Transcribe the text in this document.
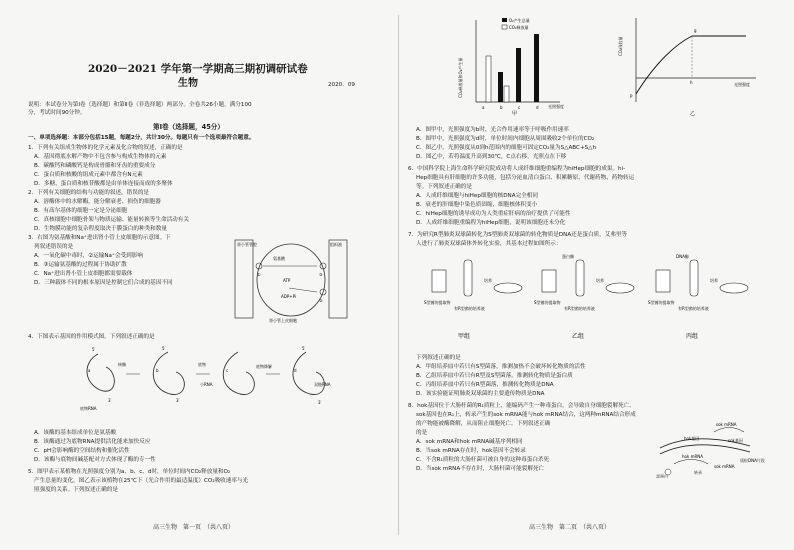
2020－2021 学年第一学期高三期初调研试卷
生物	2020．09
说明：本试卷分为第Ⅰ卷（选择题）和第Ⅱ卷（非选择题）两部分。全卷共26小题，满分100
分，考试时间90分钟。
第Ⅰ卷（选择题，45分）
一、单项选择题：本部分包括15题，每题2分，共计30分。每题只有一个选项最符合题意。
1．下列有关组成生物体的化学元素及化合物的叙述，正确的是
A．基因彻底水解产物中不包含参与构成生物体的元素
B．碳酸钙和磷酸钙是构成骨骼和牙齿的重要成分
C．蛋白质和核酸的组成元素中都含有N元素
D．多糖、蛋白质和核苷酸都是由单体连接而成的多聚体
2．下列有关细胞的结构与功能的叙述，错误的是
A．溶酶体中的水解酶，能分解衰老、损伤的细胞器
B．有高尔基体的细胞一定是分泌细胞
C．真核细胞中细胞骨架与物质运输、能量转换等生命活动有关
D．生物膜功能的复杂程度取决于膜蛋白的种类和数量
3．右图为氨基酸和Na⁺进出肾小管上皮细胞的示意图。下
列叙述错误的是
A．一氧化碳中毒时，②运输Na⁺会受到影响
B．③运输氨基酸的过程属于协助扩散
C．Na⁺进出肾小管上皮细胞都需要载体
D．三种载体不同的根本原因是控制它们合成的基因不同
肾小管管腔
肾小管上皮细胞
组织液
氨基酸
ATP
ADP+Pi
①
②
③
4．下图表示基因的作用模式图。下列叙述正确的是
5′
3′
5′
3′
5′
3′
a	b	c	d
底物RNA
底物降解
核酶	底物
双链RNA
小RNA
A．该酶的基本组成单位是氨基酸
B．该酶通过为底物RNA提供活化能来加快反应
C．pH会影响酶的空间结构和催化活性
D．该酶与底物间碱基配对方式体现了酶的专一性
5．图甲表示某植物在光照强度分别为a、b、c、d时，单位时间内CO₂释放量和O₂
产生总量的变化。图乙表示该植物在25℃下（光合作用的最适温度）CO₂吸收速率与光
照强度的关系。下列叙述正确的是
高三生物　第一页　（共八页）
CO₂释放量和O₂产生量
O₂产生总量
CO₂释放量
a	b	c	d 光照强度
甲
CO₂吸收量
光照强度
P
h
g
乙
A．图甲中，光照强度为b时，光合作用速率等于呼吸作用速率
B．图甲中，光照强度为d时，单位时间内细胞从周围吸收2个单位的CO₂
C．图乙中，光照强度从0到h范围内的细胞可固定CO₂量为S△ABC+S△h
D．图乙中，若将温度升高到30℃，C点右移，光照点在下移
6．中国科学院上海生命科学研究院成功将人成纤维细胞重编程为hiHep细胞的成果。hi-
Hep细胞具有肝细胞的许多功能，包括分泌血清白蛋白、积累糖原、代谢药物、药物转运
等。下列叙述正确的是
A．人成纤维细胞与hiHep细胞的核DNA完全相同
B．衰老的肝细胞中染色质固缩，细胞核体积变小
C．hiHep细胞的诱导成功为人类重症肝病的治疗提供了可能性
D．人成纤维细胞重编程为hiHep细胞，说明该细胞还未分化
7．为研究R型肺炎双球菌转化为S型肺炎双球菌的转化物质是DNA还是蛋白质，艾弗里等
人进行了肺炎双球菌体外转化实验，其基本过程如图所示：
S型菌的提取物
有R型菌的培养液
培养
甲组
蛋白酶
S型菌的提取物
有R型菌的培养液
培养
乙组
DNA酶
S型菌的提取物
有R型菌的培养液
培养
丙组
下列叙述正确的是
A．甲组培养皿中若只有S型菌落，推测加热不会破坏转化物质的活性
B．乙组培养皿中若只有R型及S型菌落，推测转化物质是蛋白质
C．丙组培养皿中若只有R型菌落，推测转化物质是DNA
D．该实验能证明肺炎双球菌的主要遗传物质是DNA
8．hok基因位于大肠杆菌的R₁质粒上，能编码产生一种毒蛋白，会导致自身细胞裂解死亡。
sok基因也在R₁上，转录产生的sok mRNA能与hok mRNA结合，这两种mRNA结合形成
的产物能被酶降解，从而阻止细胞死亡。下列叙述正确
的是
A．sok mRNA和hok mRNA碱基序列相同
B．当sok mRNA存在时，hok基因不会转录
C．不含R₁质粒的大肠杆菌可被自身的这种毒蛋白杀死
D．当sok mRNA不存在时，大肠杆菌可能裂解死亡
hok mRNA
sok mRNA
sok mRNA
hok基因	sok基因
质粒DNA片段
毒蛋白
转录
高三生物　第二页　（共八页）
